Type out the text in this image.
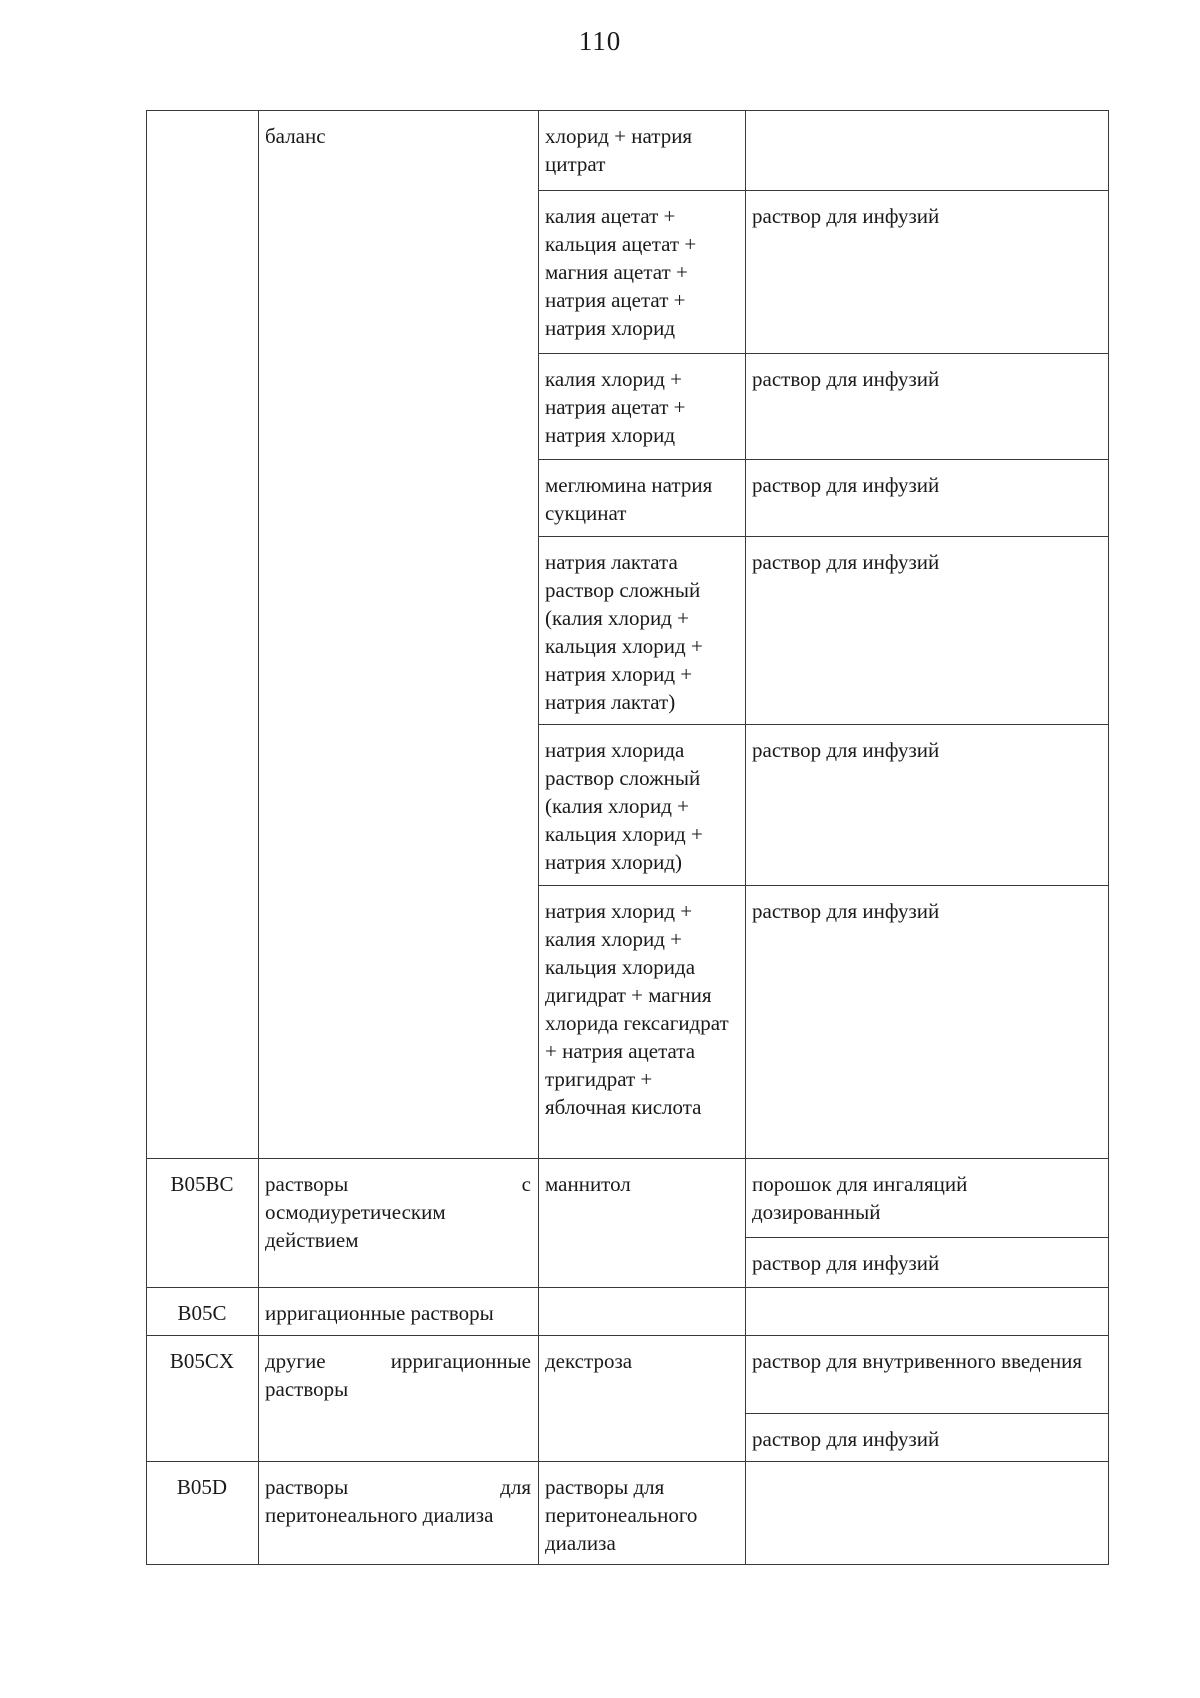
110
	баланс	хлорид + натрия цитрат	
		калия ацетат + кальция ацетат + магния ацетат + натрия ацетат + натрия хлорид	раствор для инфузий
		калия хлорид + натрия ацетат + натрия хлорид	раствор для инфузий
		меглюмина натрия сукцинат	раствор для инфузий
		натрия лактата раствор сложный (калия хлорид + кальция хлорид + натрия хлорид + натрия лактат)	раствор для инфузий
		натрия хлорида раствор сложный (калия хлорид + кальция хлорид + натрия хлорид)	раствор для инфузий
		натрия хлорид + калия хлорид + кальция хлорида дигидрат + магния хлорида гексагидрат + натрия ацетата тригидрат + яблочная кислота	раствор для инфузий
B05BC	растворы с осмодиуретическим действием	маннитол	порошок для ингаляций дозированный
			раствор для инфузий
B05C	ирригационные растворы		
B05CX	другие ирригационные растворы	декстроза	раствор для внутривенного введения
			раствор для инфузий
B05D	растворы для перитонеального диализа	растворы для перитонеального диализа	
